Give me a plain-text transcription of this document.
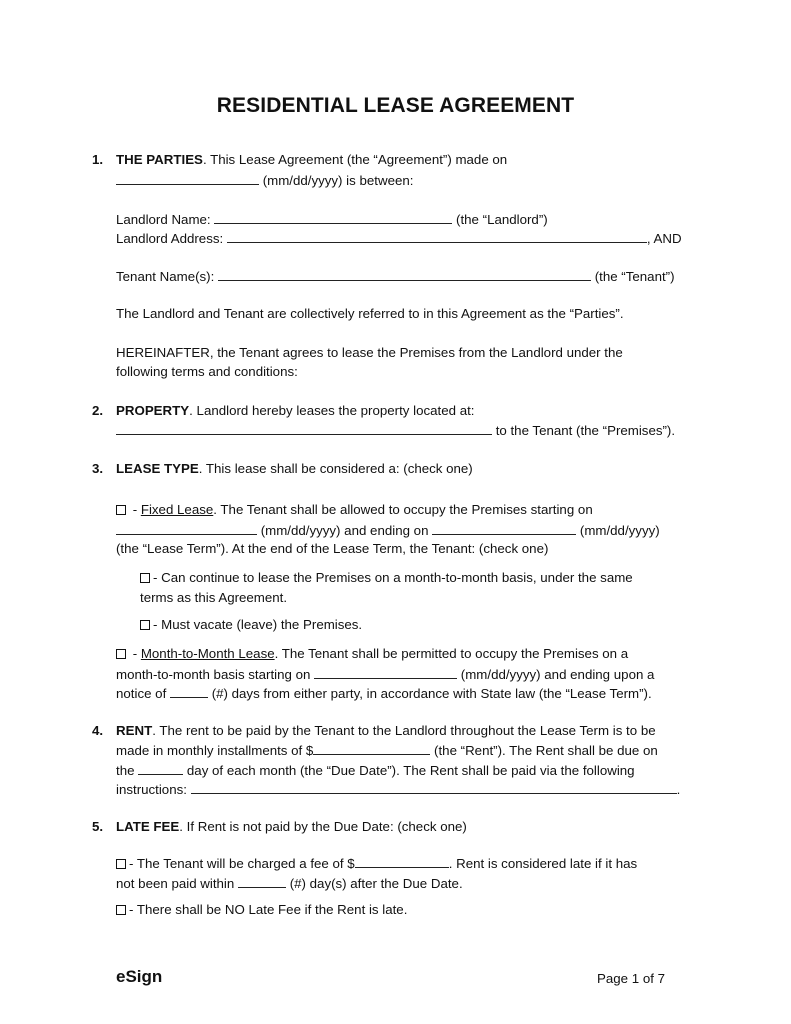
RESIDENTIAL LEASE AGREEMENT
1. THE PARTIES. This Lease Agreement (the “Agreement”) made on
(mm/dd/yyyy) is between:
Landlord Name:	(the “Landlord”)
Landlord Address:	, AND
Tenant Name(s):	(the “Tenant”)
The Landlord and Tenant are collectively referred to in this Agreement as the “Parties”.
HEREINAFTER, the Tenant agrees to lease the Premises from the Landlord under the
following terms and conditions:
2. PROPERTY. Landlord hereby leases the property located at:
to the Tenant (the “Premises”).
3. LEASE TYPE. This lease shall be considered a: (check one)
- Fixed Lease. The Tenant shall be allowed to occupy the Premises starting on
(mm/dd/yyyy) and ending on	(mm/dd/yyyy)
(the “Lease Term”). At the end of the Lease Term, the Tenant: (check one)
- Can continue to lease the Premises on a month-to-month basis, under the same
terms as this Agreement.
- Must vacate (leave) the Premises.
- Month-to-Month Lease. The Tenant shall be permitted to occupy the Premises on a
month-to-month basis starting on	(mm/dd/yyyy) and ending upon a
notice of	(#) days from either party, in accordance with State law (the “Lease Term”).
4. RENT. The rent to be paid by the Tenant to the Landlord throughout the Lease Term is to be
made in monthly installments of $	(the “Rent”). The Rent shall be due on
the	day of each month (the “Due Date”). The Rent shall be paid via the following
instructions:	.
5. LATE FEE. If Rent is not paid by the Due Date: (check one)
- The Tenant will be charged a fee of $	. Rent is considered late if it has
not been paid within	(#) day(s) after the Due Date.
- There shall be NO Late Fee if the Rent is late.
eSign	Page 1 of 7
